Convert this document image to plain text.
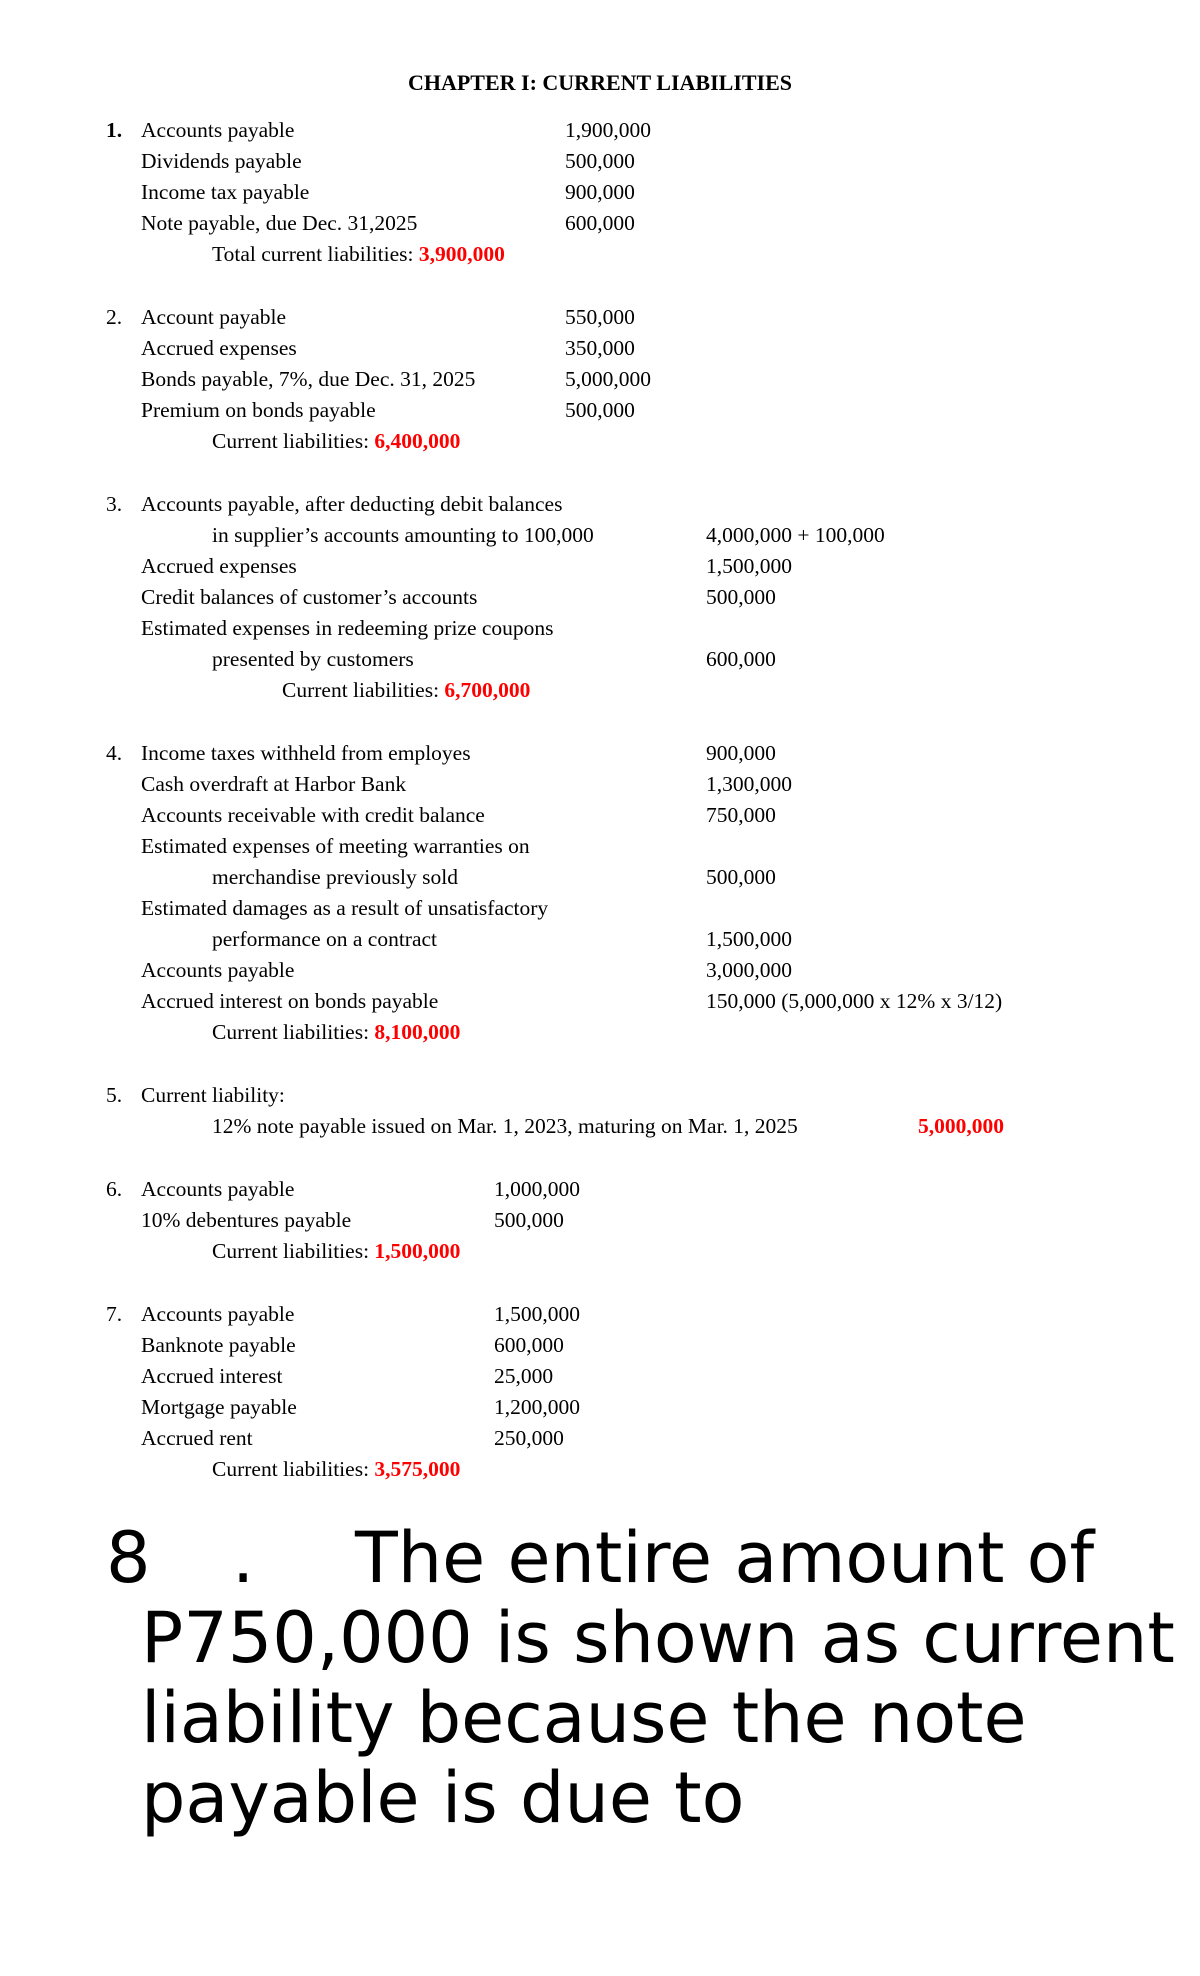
CHAPTER I: CURRENT LIABILITIES
1. Accounts payable	1,900,000
Dividends payable	500,000
Income tax payable	900,000
Note payable, due Dec. 31,2025	600,000
Total current liabilities: 3,900,000
2. Account payable	550,000
Accrued expenses	350,000
Bonds payable, 7%, due Dec. 31, 2025	5,000,000
Premium on bonds payable	500,000
Current liabilities: 6,400,000
3. Accounts payable, after deducting debit balances
in supplier’s accounts amounting to 100,000	4,000,000 + 100,000
Accrued expenses	1,500,000
Credit balances of customer’s accounts	500,000
Estimated expenses in redeeming prize coupons
presented by customers	600,000
Current liabilities: 6,700,000
4. Income taxes withheld from employes	900,000
Cash overdraft at Harbor Bank	1,300,000
Accounts receivable with credit balance	750,000
Estimated expenses of meeting warranties on
merchandise previously sold	500,000
Estimated damages as a result of unsatisfactory
performance on a contract	1,500,000
Accounts payable	3,000,000
Accrued interest on bonds payable	150,000 (5,000,000 x 12% x 3/12)
Current liabilities: 8,100,000
5. Current liability:
12% note payable issued on Mar. 1, 2023, maturing on Mar. 1, 2025	5,000,000
6. Accounts payable	1,000,000
10% debentures payable	500,000
Current liabilities: 1,500,000
7. Accounts payable	1,500,000
Banknote payable	600,000
Accrued interest	25,000
Mortgage payable	1,200,000
Accrued rent	250,000
Current liabilities: 3,575,000
8 . The entire amount of
P750,000 is shown as current
liability because the note
payable is due to
